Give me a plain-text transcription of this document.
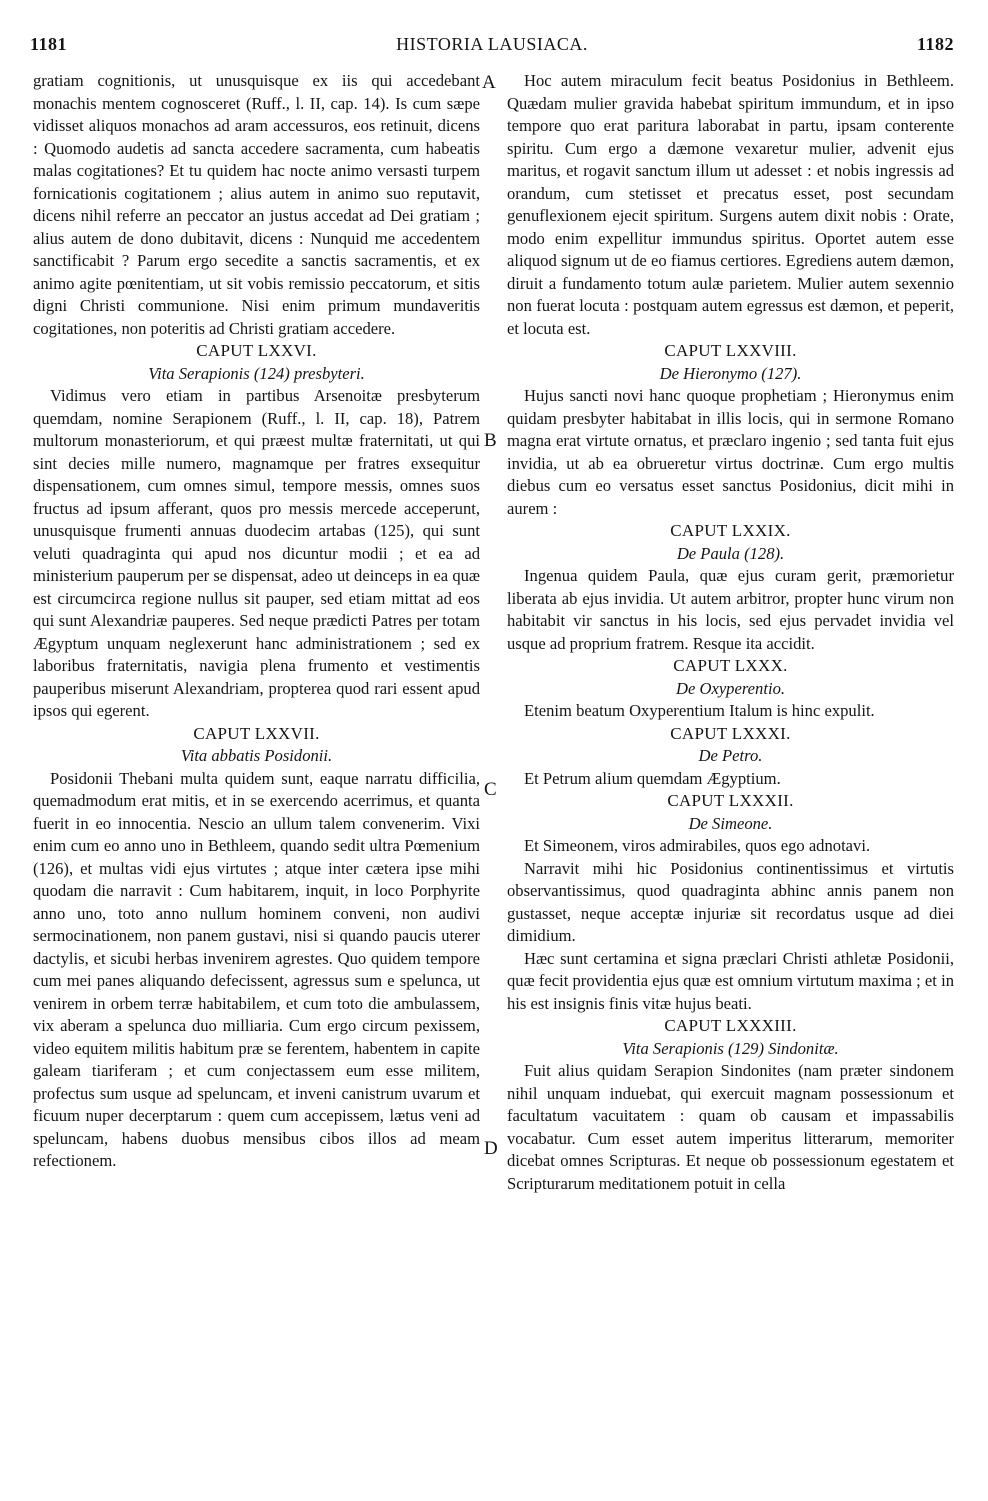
1181	HISTORIA LAUSIACA.	1182
A
B
C
D

gratiam cognitionis, ut unusquisque ex iis qui accedebant monachis mentem cognosceret (Ruff., l. II, cap. 14). Is cum sæpe vidisset aliquos monachos ad aram accessuros, eos retinuit, dicens : Quomodo audetis ad sancta accedere sacramenta, cum habeatis malas cogitationes? Et tu quidem hac nocte animo versasti turpem fornicationis cogitationem ; alius autem in animo suo reputavit, dicens nihil referre an peccator an justus accedat ad Dei gratiam ; alius autem de dono dubitavit, dicens : Nunquid me accedentem sanctificabit ? Parum ergo secedite a sanctis sacramentis, et ex animo agite pœnitentiam, ut sit vobis remissio peccatorum, et sitis digni Christi communione. Nisi enim primum mundaveritis cogitationes, non poteritis ad Christi gratiam accedere.

CAPUT LXXVI.

Vita Serapionis (124) presbyteri.

Vidimus vero etiam in partibus Arsenoitæ presbyterum quemdam, nomine Serapionem (Ruff., l. II, cap. 18), Patrem multorum monasteriorum, et qui præest multæ fraternitati, ut qui sint decies mille numero, magnamque per fratres exsequitur dispensationem, cum omnes simul, tempore messis, omnes suos fructus ad ipsum afferant, quos pro messis mercede acceperunt, unusquisque frumenti annuas duodecim artabas (125), qui sunt veluti quadraginta qui apud nos dicuntur modii ; et ea ad ministerium pauperum per se dispensat, adeo ut deinceps in ea quæ est circumcirca regione nullus sit pauper, sed etiam mittat ad eos qui sunt Alexandriæ pauperes. Sed neque prædicti Patres per totam Ægyptum unquam neglexerunt hanc administrationem ; sed ex laboribus fraternitatis, navigia plena frumento et vestimentis pauperibus miserunt Alexandriam, propterea quod rari essent apud ipsos qui egerent.

CAPUT LXXVII.

Vita abbatis Posidonii.

Posidonii Thebani multa quidem sunt, eaque narratu difficilia, quemadmodum erat mitis, et in se exercendo acerrimus, et quanta fuerit in eo innocentia. Nescio an ullum talem convenerim. Vixi enim cum eo anno uno in Bethleem, quando sedit ultra Pœmenium (126), et multas vidi ejus virtutes ; atque inter cætera ipse mihi quodam die narravit : Cum habitarem, inquit, in loco Porphyrite anno uno, toto anno nullum hominem conveni, non audivi sermocinationem, non panem gustavi, nisi si quando paucis uterer dactylis, et sicubi herbas invenirem agrestes. Quo quidem tempore cum mei panes aliquando defecissent, agressus sum e spelunca, ut venirem in orbem terræ habitabilem, et cum toto die ambulassem, vix aberam a spelunca duo milliaria. Cum ergo circum pexissem, video equitem militis habitum præ se ferentem, habentem in capite galeam tiariferam ; et cum conjectassem eum esse militem, profectus sum usque ad speluncam, et inveni canistrum uvarum et ficuum nuper decerptarum : quem cum accepissem, lætus veni ad speluncam, habens duobus mensibus cibos illos ad meam refectionem.

Hoc autem miraculum fecit beatus Posidonius in Bethleem. Quædam mulier gravida habebat spiritum immundum, et in ipso tempore quo erat paritura laborabat in partu, ipsam conterente spiritu. Cum ergo a dæmone vexaretur mulier, advenit ejus maritus, et rogavit sanctum illum ut adesset : et nobis ingressis ad orandum, cum stetisset et precatus esset, post secundam genuflexionem ejecit spiritum. Surgens autem dixit nobis : Orate, modo enim expellitur immundus spiritus. Oportet autem esse aliquod signum ut de eo fiamus certiores. Egrediens autem dæmon, diruit a fundamento totum aulæ parietem. Mulier autem sexennio non fuerat locuta : postquam autem egressus est dæmon, et peperit, et locuta est.

CAPUT LXXVIII.

De Hieronymo (127).

Hujus sancti novi hanc quoque prophetiam ; Hieronymus enim quidam presbyter habitabat in illis locis, qui in sermone Romano magna erat virtute ornatus, et præclaro ingenio ; sed tanta fuit ejus invidia, ut ab ea obrueretur virtus doctrinæ. Cum ergo multis diebus cum eo versatus esset sanctus Posidonius, dicit mihi in aurem :

CAPUT LXXIX.

De Paula (128).

Ingenua quidem Paula, quæ ejus curam gerit, præmorietur liberata ab ejus invidia. Ut autem arbitror, propter hunc virum non habitabit vir sanctus in his locis, sed ejus pervadet invidia vel usque ad proprium fratrem. Resque ita accidit.

CAPUT LXXX.

De Oxyperentio.

Etenim beatum Oxyperentium Italum is hinc expulit.

CAPUT LXXXI.

De Petro.

Et Petrum alium quemdam Ægyptium.

CAPUT LXXXII.

De Simeone.

Et Simeonem, viros admirabiles, quos ego adnotavi.

Narravit mihi hic Posidonius continentissimus et virtutis observantissimus, quod quadraginta abhinc annis panem non gustasset, neque acceptæ injuriæ sit recordatus usque ad diei dimidium.

Hæc sunt certamina et signa præclari Christi athletæ Posidonii, quæ fecit providentia ejus quæ est omnium virtutum maxima ; et in his est insignis finis vitæ hujus beati.

CAPUT LXXXIII.

Vita Serapionis (129) Sindonitæ.

Fuit alius quidam Serapion Sindonites (nam præter sindonem nihil unquam induebat, qui exercuit magnam possessionum et facultatum vacuitatem : quam ob causam et impassabilis vocabatur. Cum esset autem imperitus litterarum, memoriter dicebat omnes Scripturas. Et neque ob possessionum egestatem et Scripturarum meditationem potuit in cella
